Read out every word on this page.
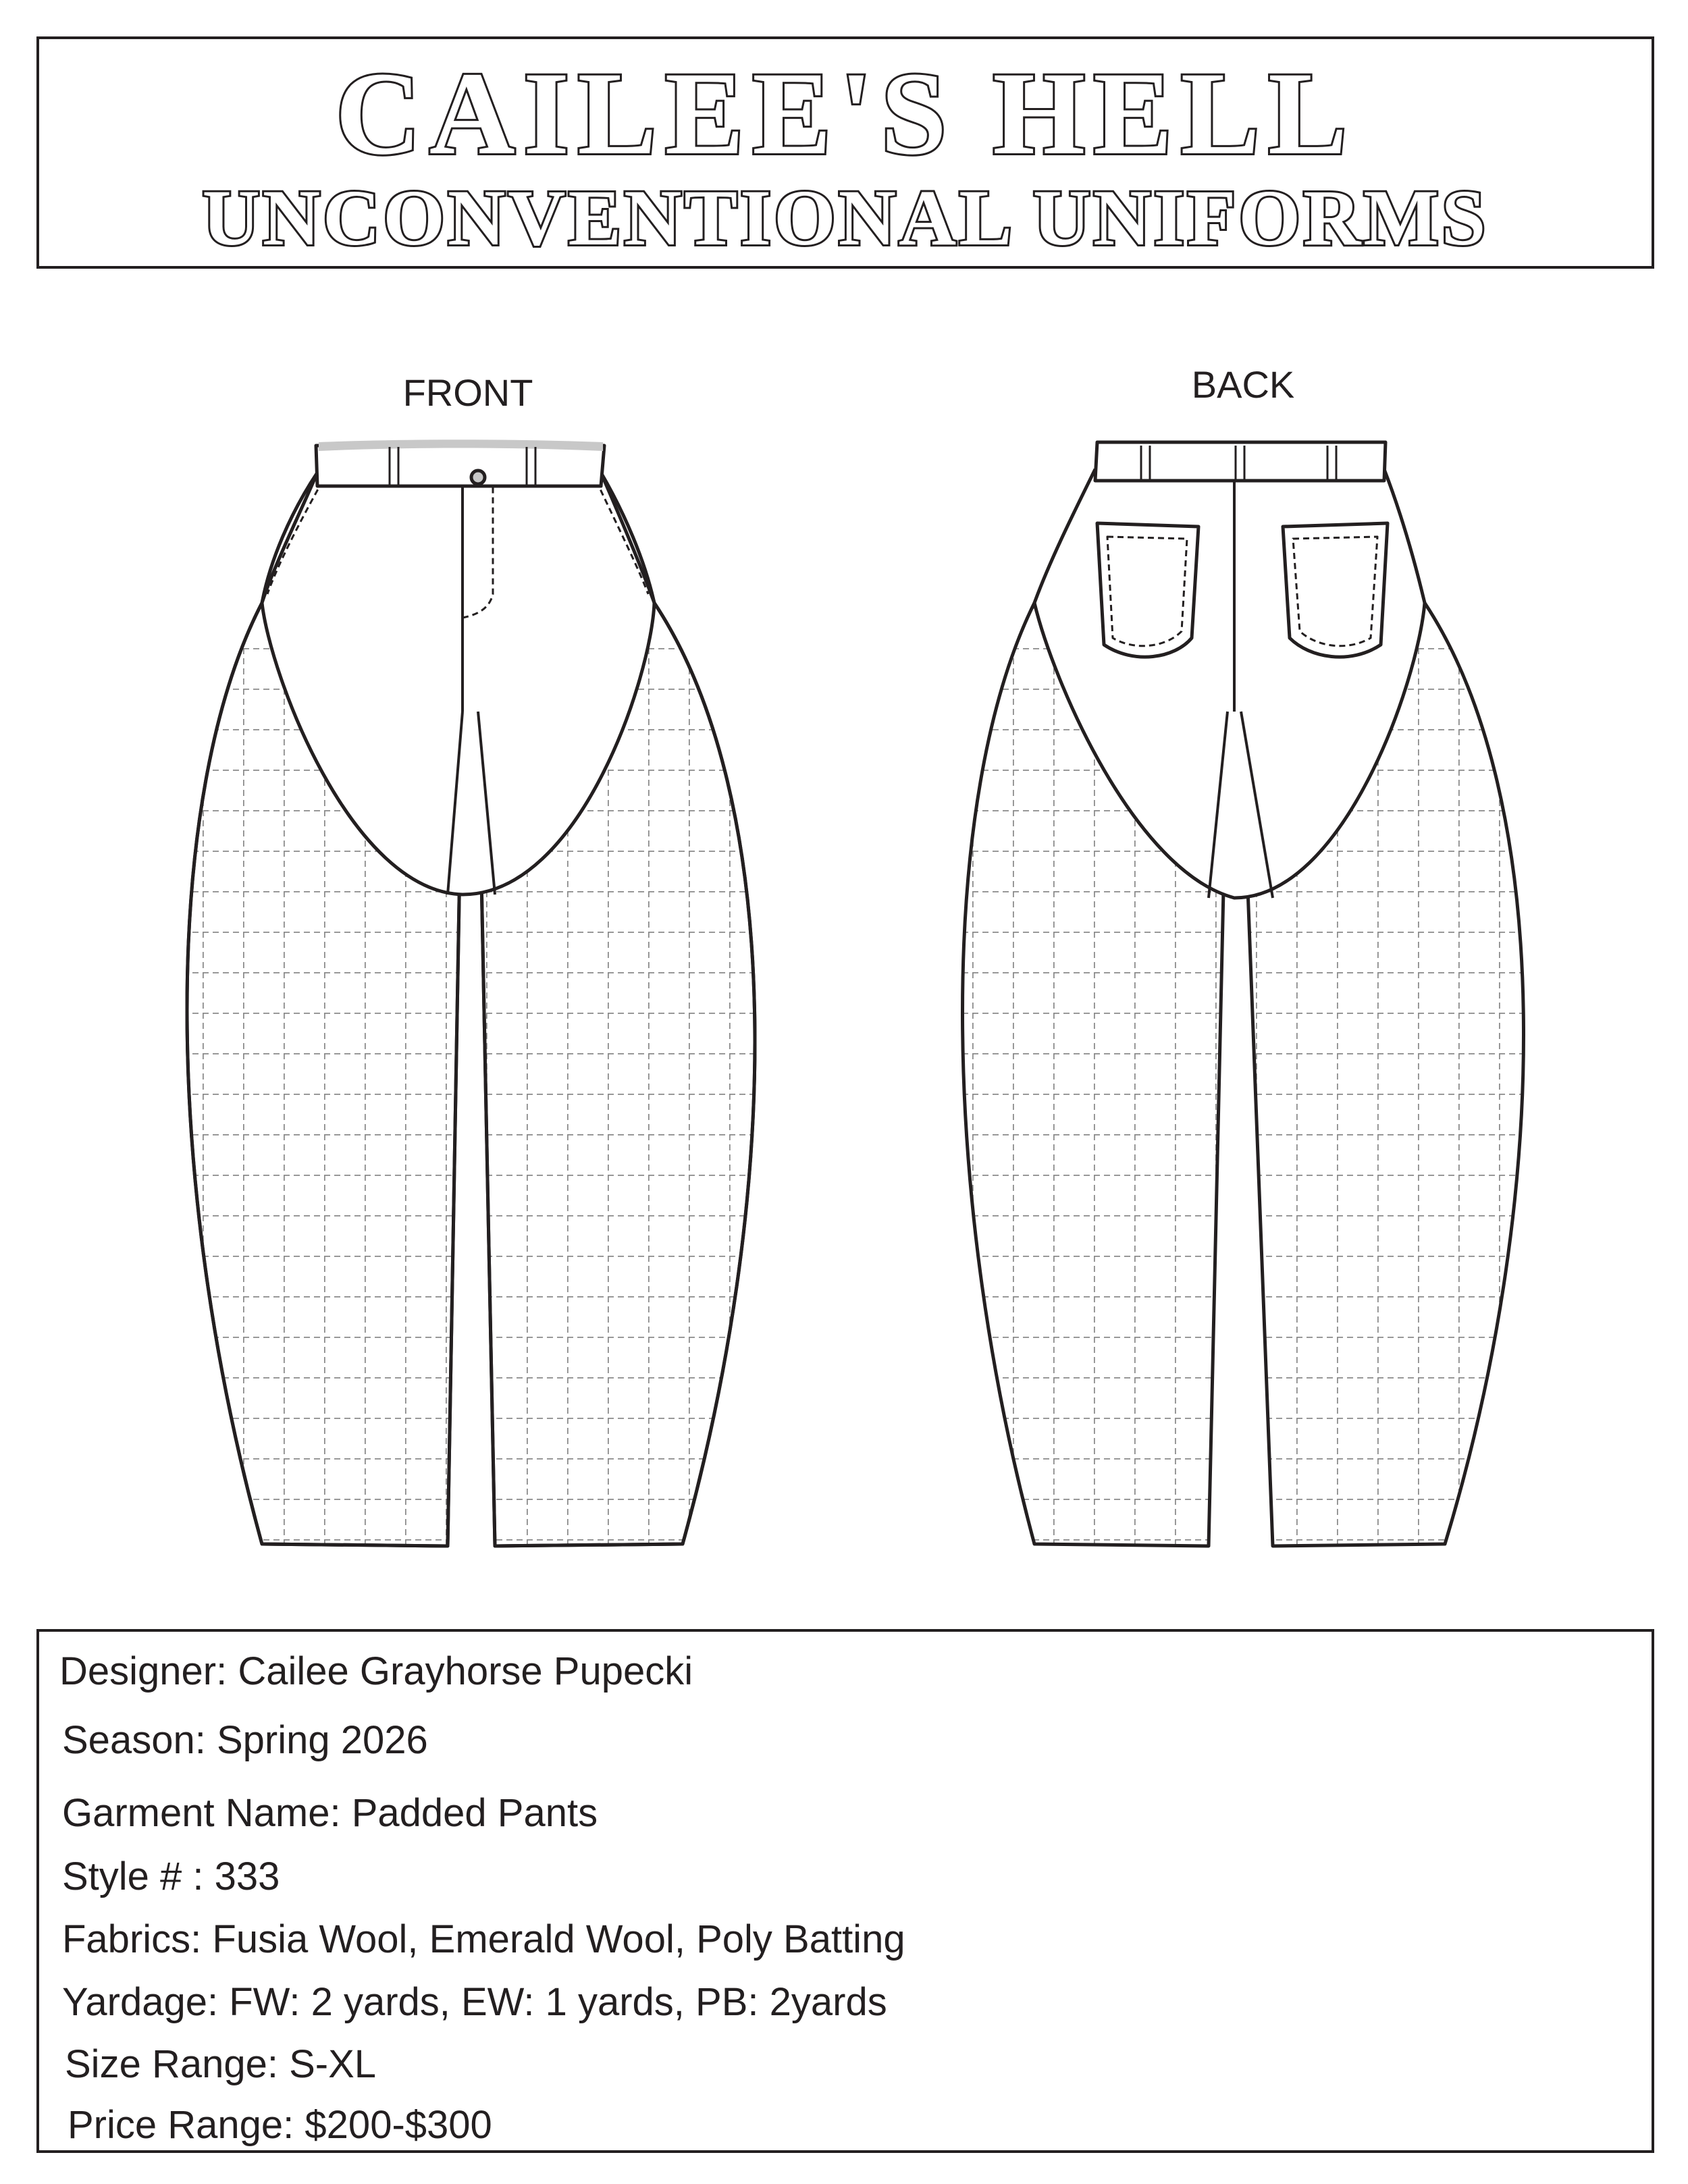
CAILEE'S HELL
UNCONVENTIONAL UNIFORMS
FRONT	BACK
Designer: Cailee Grayhorse Pupecki
Season: Spring 2026
Garment Name: Padded Pants
Style # : 333
Fabrics: Fusia Wool, Emerald Wool, Poly Batting
Yardage: FW: 2 yards, EW: 1 yards, PB: 2yards
Size Range: S-XL
Price Range: $200-$300
